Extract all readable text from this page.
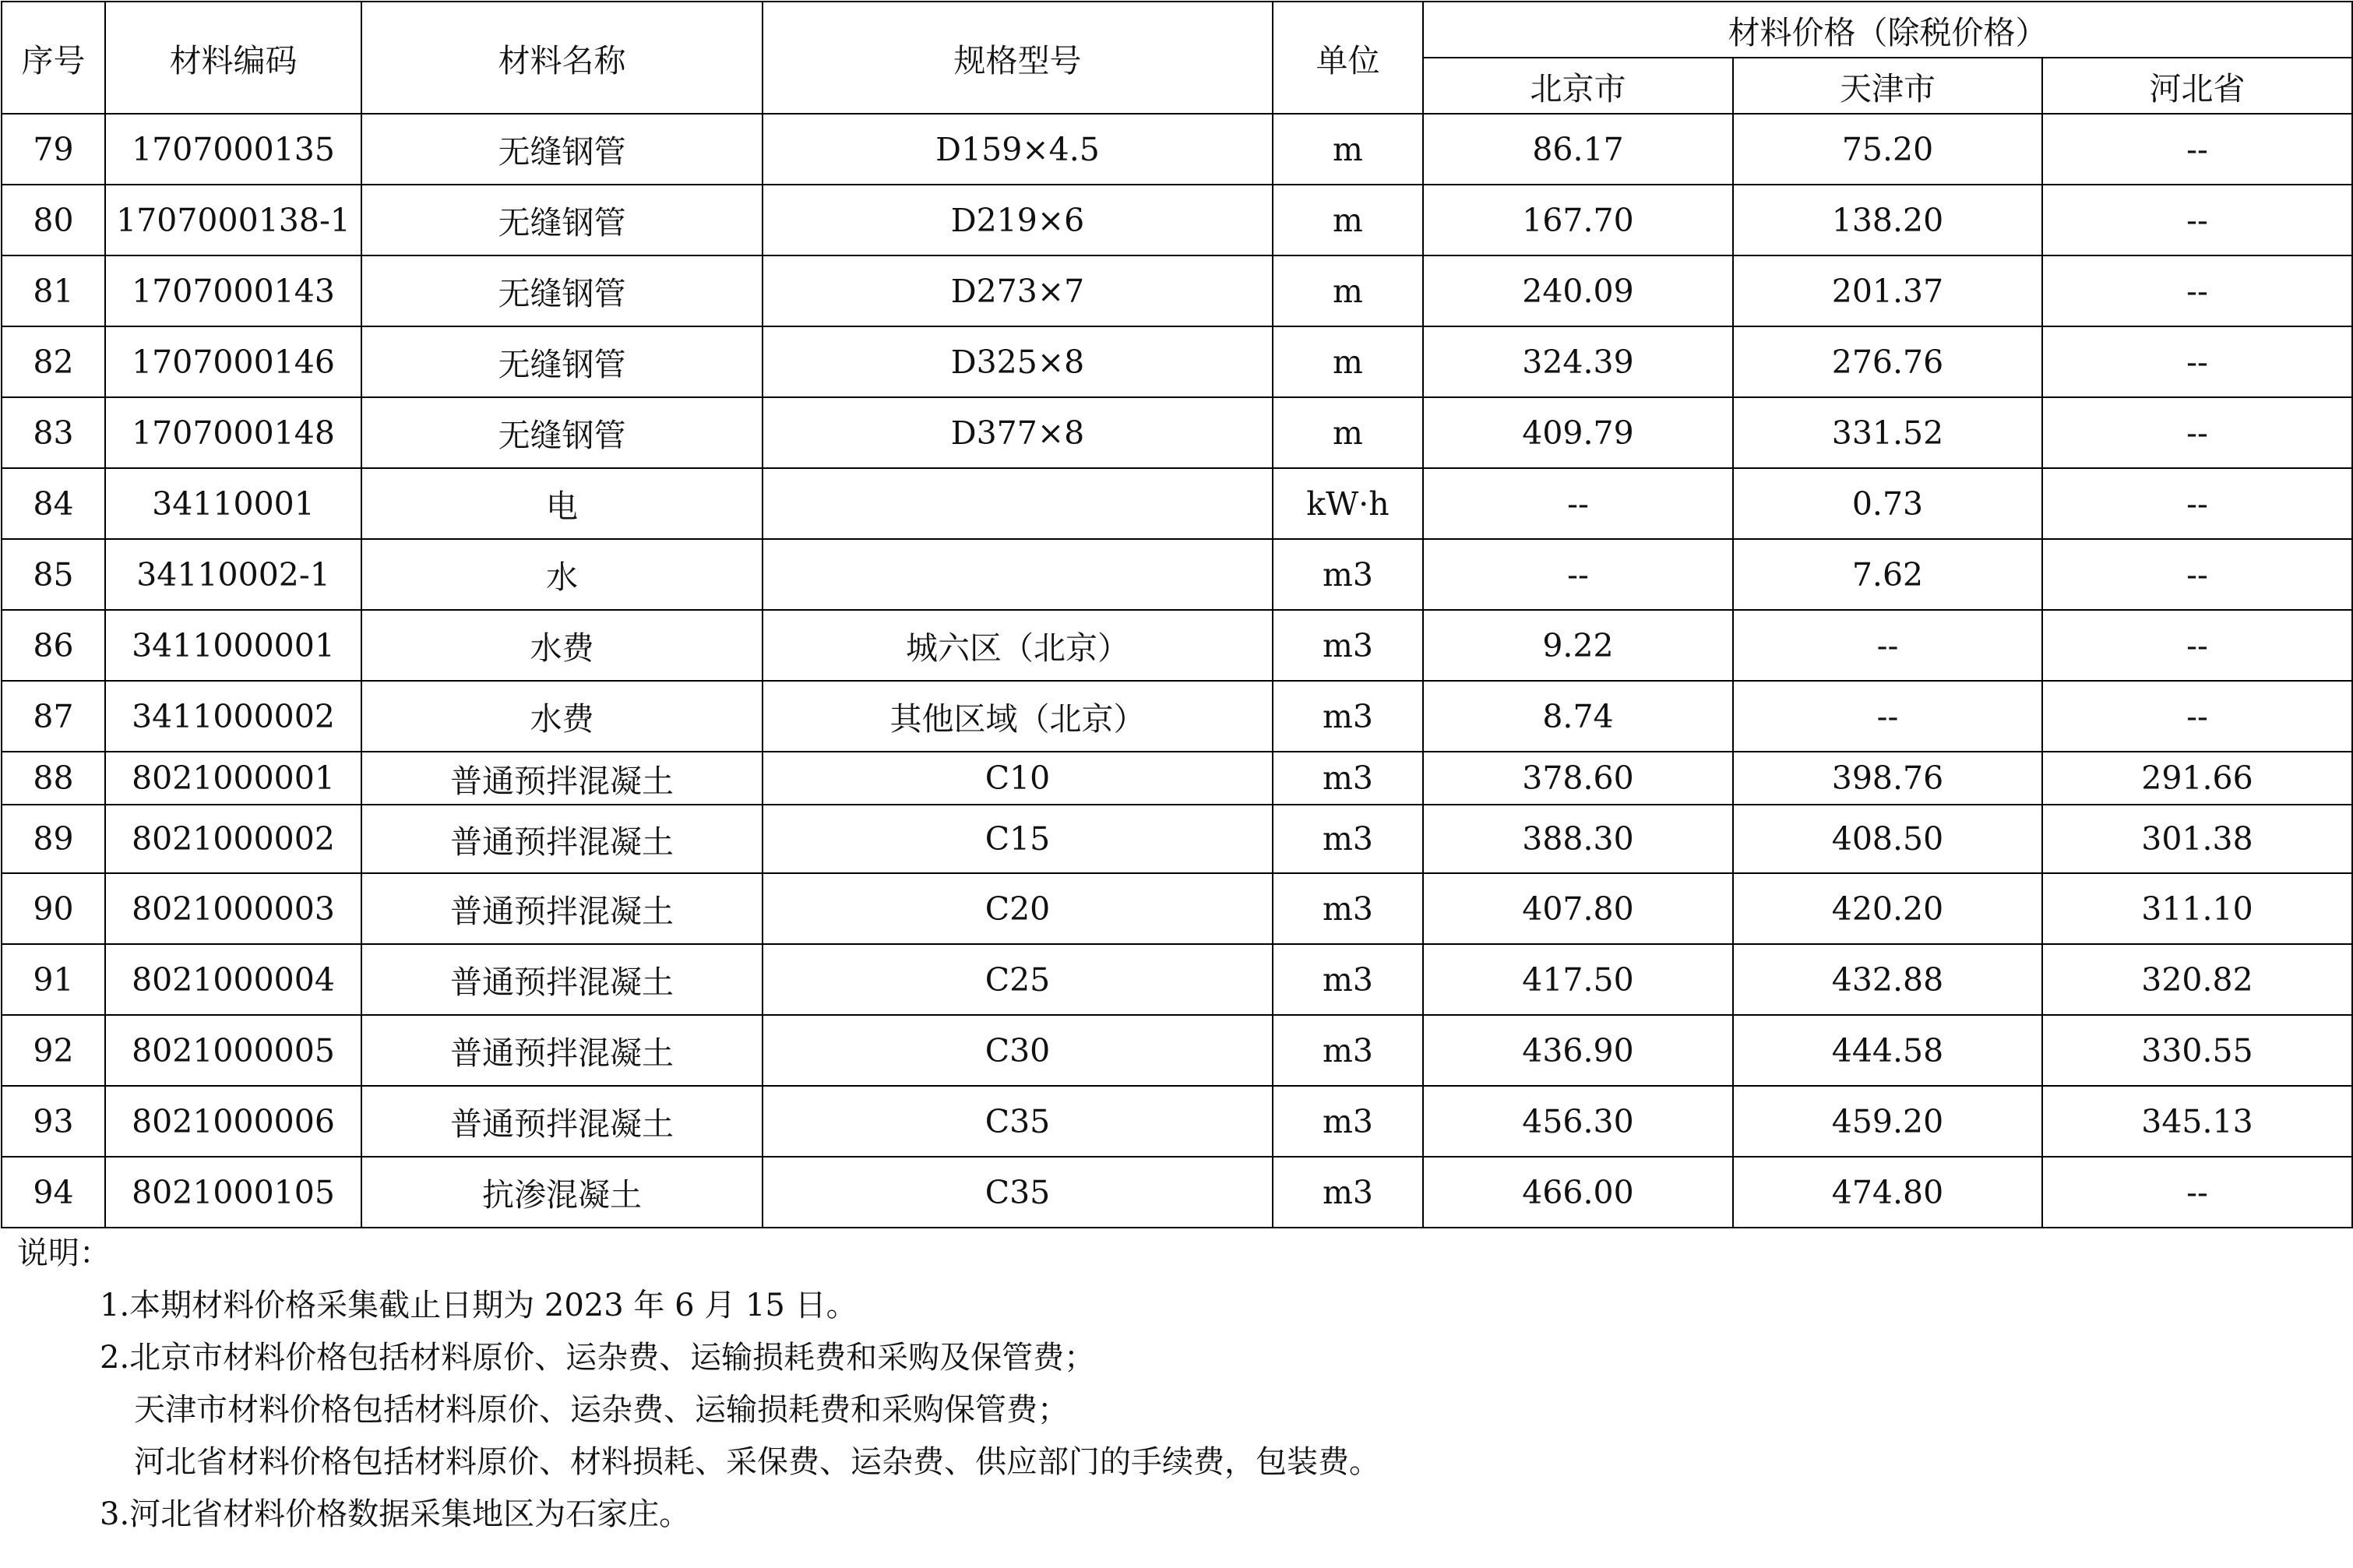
序号	材料编码	材料名称	规格型号	单位	材料价格（除税价格）		
					北京市	天津市	河北省
79	1707000135	无缝钢管	D159×4.5	m	86.17	75.20	--
80	1707000138-1	无缝钢管	D219×6	m	167.70	138.20	--
81	1707000143	无缝钢管	D273×7	m	240.09	201.37	--
82	1707000146	无缝钢管	D325×8	m	324.39	276.76	--
83	1707000148	无缝钢管	D377×8	m	409.79	331.52	--
84	34110001	电		kW·h	--	0.73	--
85	34110002-1	水		m3	--	7.62	--
86	3411000001	水费	城六区（北京）	m3	9.22	--	--
87	3411000002	水费	其他区域（北京）	m3	8.74	--	--
88	8021000001	普通预拌混凝土	C10	m3	378.60	398.76	291.66
89	8021000002	普通预拌混凝土	C15	m3	388.30	408.50	301.38
90	8021000003	普通预拌混凝土	C20	m3	407.80	420.20	311.10
91	8021000004	普通预拌混凝土	C25	m3	417.50	432.88	320.82
92	8021000005	普通预拌混凝土	C30	m3	436.90	444.58	330.55
93	8021000006	普通预拌混凝土	C35	m3	456.30	459.20	345.13
94	8021000105	抗渗混凝土	C35	m3	466.00	474.80	--
说明：
1.本期材料价格采集截止日期为 2023 年 6 月 15 日。
2.北京市材料价格包括材料原价、运杂费、运输损耗费和采购及保管费；
天津市材料价格包括材料原价、运杂费、运输损耗费和采购保管费；
河北省材料价格包括材料原价、材料损耗、采保费、运杂费、供应部门的手续费，包装费。
3.河北省材料价格数据采集地区为石家庄。
